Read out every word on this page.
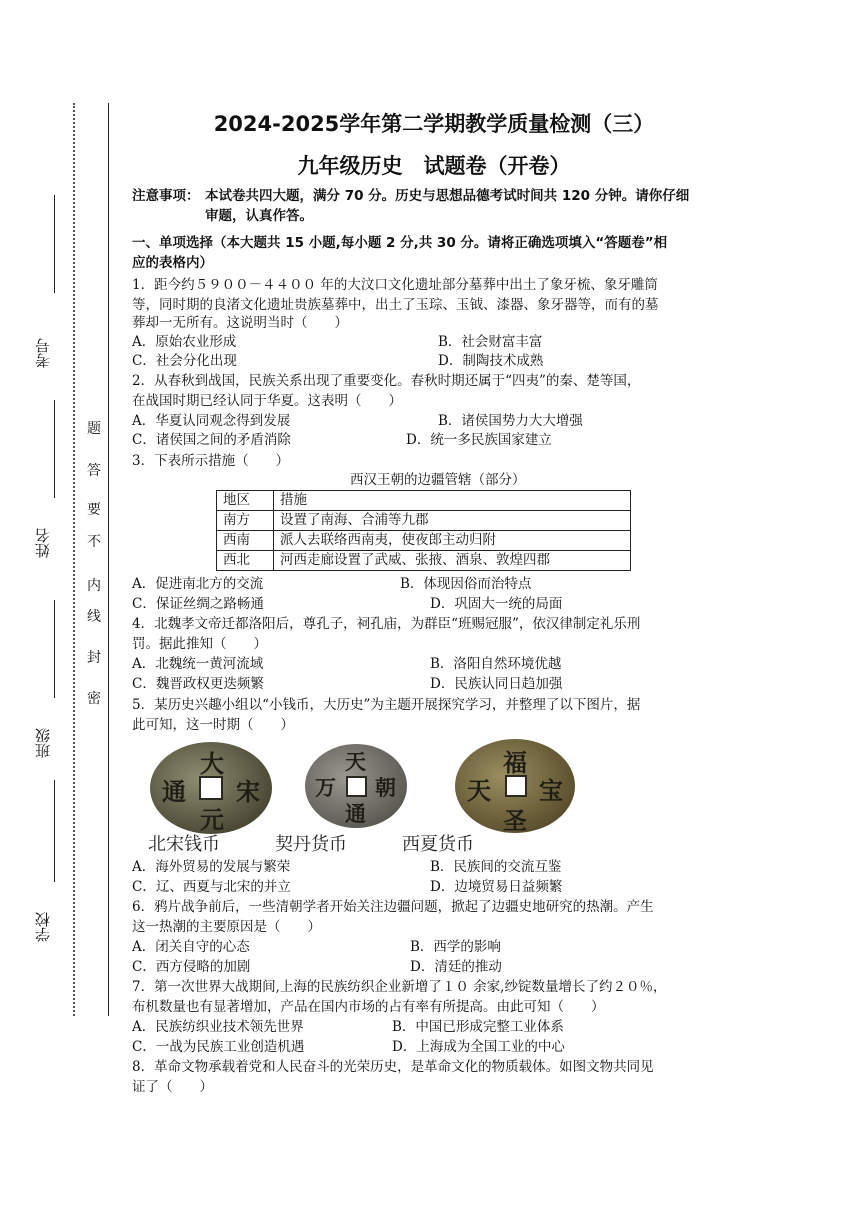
考号
姓名
班级
学校
密
封
线
内
不
要
答
题
2024-2025学年第二学期教学质量检测（三）
九年级历史　试题卷（开卷）
注意事项： 本试卷共四大题，满分 70 分。历史与思想品德考试时间共 120 分钟。请你仔细
审题，认真作答。
一、单项选择（本大题共 15 小题,每小题 2 分,共 30 分。请将正确选项填入“答题卷”相
应的表格内）
1．距今约５９００－４４００ 年的大汶口文化遗址部分墓葬中出土了象牙梳、象牙雕筒
等，同时期的良渚文化遗址贵族墓葬中，出土了玉琮、玉钺、漆器、象牙器等，而有的墓
葬却一无所有。这说明当时（　　）
A．原始农业形成	B．社会财富丰富
C．社会分化出现	D．制陶技术成熟
2．从春秋到战国，民族关系出现了重要变化。春秋时期还属于“四夷”的秦、楚等国，
在战国时期已经认同于华夏。这表明（　　）
A．华夏认同观念得到发展	B．诸侯国势力大大增强
C．诸侯国之间的矛盾消除	D．统一多民族国家建立
3．下表所示措施（　　）
西汉王朝的边疆管辖（部分）
地区	措施
南方	设置了南海、合浦等九郡
西南	派人去联络西南夷，使夜郎主动归附
西北	河西走廊设置了武威、张掖、酒泉、敦煌四郡
A．促进南北方的交流	B．体现因俗而治特点
C．保证丝绸之路畅通	D．巩固大一统的局面
4．北魏孝文帝迁都洛阳后，尊孔子，祠孔庙，为群臣“班赐冠服”，依汉律制定礼乐刑
罚。据此推知（　　）
A．北魏统一黄河流域	B．洛阳自然环境优越
C．魏晋政权更迭频繁	D．民族认同日趋加强
5．某历史兴趣小组以“小钱币，大历史”为主题开展探究学习，并整理了以下图片，据
此可知，这一时期（　　）
大
宋
元
通
天
朝
通
万
福
宝
圣
天
北宋钱币	契丹货币	西夏货币
A．海外贸易的发展与繁荣	B．民族间的交流互鉴
C．辽、西夏与北宋的并立	D．边境贸易日益频繁
6．鸦片战争前后，一些清朝学者开始关注边疆问题，掀起了边疆史地研究的热潮。产生
这一热潮的主要原因是（　　）
A．闭关自守的心态	B．西学的影响
C．西方侵略的加剧	D．清廷的推动
7．第一次世界大战期间,上海的民族纺织企业新增了１０ 余家,纱锭数量增长了约２０％，
布机数量也有显著增加，产品在国内市场的占有率有所提高。由此可知（　　）
A．民族纺织业技术领先世界	B．中国已形成完整工业体系
C．一战为民族工业创造机遇	D．上海成为全国工业的中心
8．革命文物承载着党和人民奋斗的光荣历史，是革命文化的物质载体。如图文物共同见
证了（　　）
